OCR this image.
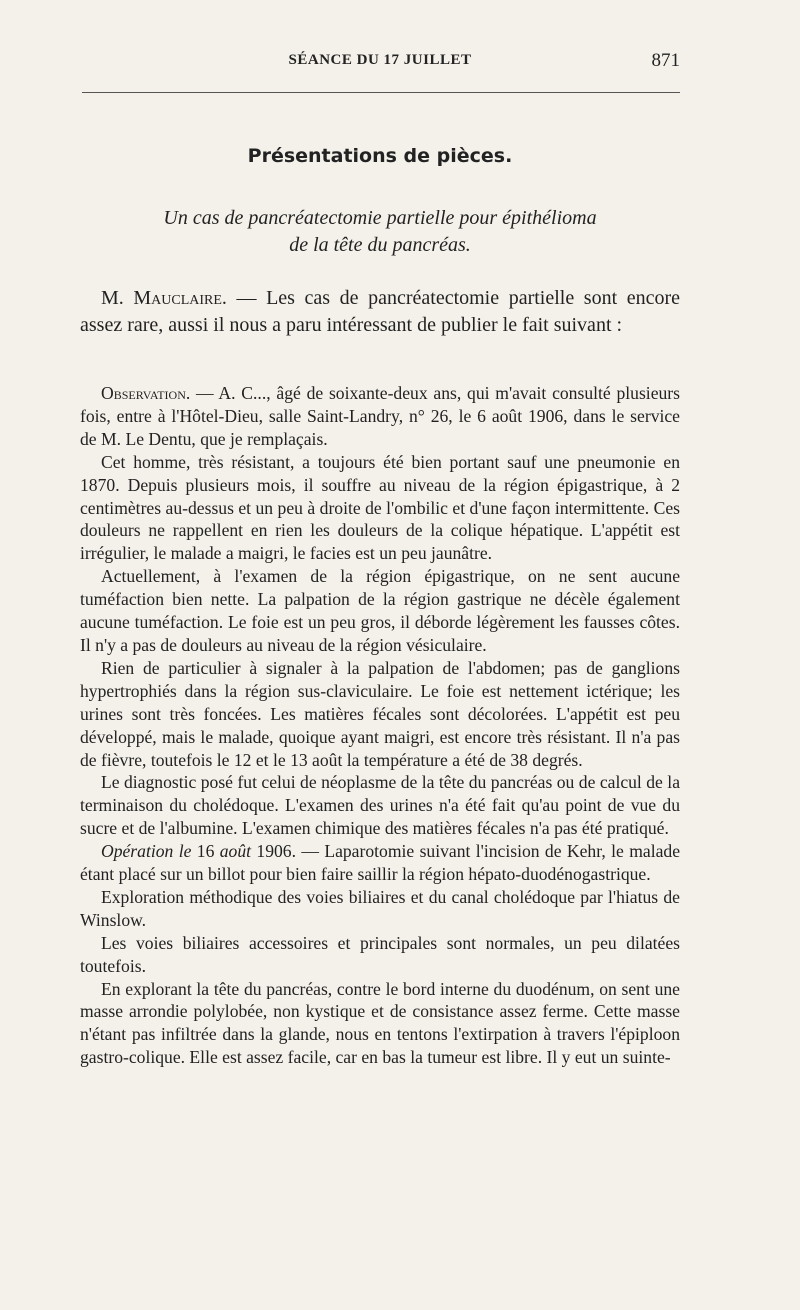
SÉANCE DU 17 JUILLET	871
Présentations de pièces.
Un cas de pancréatectomie partielle pour épithélioma
de la tête du pancréas.

M. Mauclaire. — Les cas de pancréatectomie partielle sont encore assez rare, aussi il nous a paru intéressant de publier le fait suivant :

Observation. — A. C..., âgé de soixante-deux ans, qui m'avait consulté plusieurs fois, entre à l'Hôtel-Dieu, salle Saint-Landry, n° 26, le 6 août 1906, dans le service de M. Le Dentu, que je remplaçais.

Cet homme, très résistant, a toujours été bien portant sauf une pneumonie en 1870. Depuis plusieurs mois, il souffre au niveau de la région épigastrique, à 2 centimètres au-dessus et un peu à droite de l'ombilic et d'une façon intermittente. Ces douleurs ne rappellent en rien les douleurs de la colique hépatique. L'appétit est irrégulier, le malade a maigri, le facies est un peu jaunâtre.

Actuellement, à l'examen de la région épigastrique, on ne sent aucune tuméfaction bien nette. La palpation de la région gastrique ne décèle également aucune tuméfaction. Le foie est un peu gros, il déborde légèrement les fausses côtes. Il n'y a pas de douleurs au niveau de la région vésiculaire.

Rien de particulier à signaler à la palpation de l'abdomen; pas de ganglions hypertrophiés dans la région sus-claviculaire. Le foie est nettement ictérique; les urines sont très foncées. Les matières fécales sont décolorées. L'appétit est peu développé, mais le malade, quoique ayant maigri, est encore très résistant. Il n'a pas de fièvre, toutefois le 12 et le 13 août la température a été de 38 degrés.

Le diagnostic posé fut celui de néoplasme de la tête du pancréas ou de calcul de la terminaison du cholédoque. L'examen des urines n'a été fait qu'au point de vue du sucre et de l'albumine. L'examen chimique des matières fécales n'a pas été pratiqué.

Opération le 16 août 1906. — Laparotomie suivant l'incision de Kehr, le malade étant placé sur un billot pour bien faire saillir la région hépato-duodénogastrique.

Exploration méthodique des voies biliaires et du canal cholédoque par l'hiatus de Winslow.

Les voies biliaires accessoires et principales sont normales, un peu dilatées toutefois.

En explorant la tête du pancréas, contre le bord interne du duodénum, on sent une masse arrondie polylobée, non kystique et de consistance assez ferme. Cette masse n'étant pas infiltrée dans la glande, nous en tentons l'extirpation à travers l'épiploon gastro-colique. Elle est assez facile, car en bas la tumeur est libre. Il y eut un suinte-
